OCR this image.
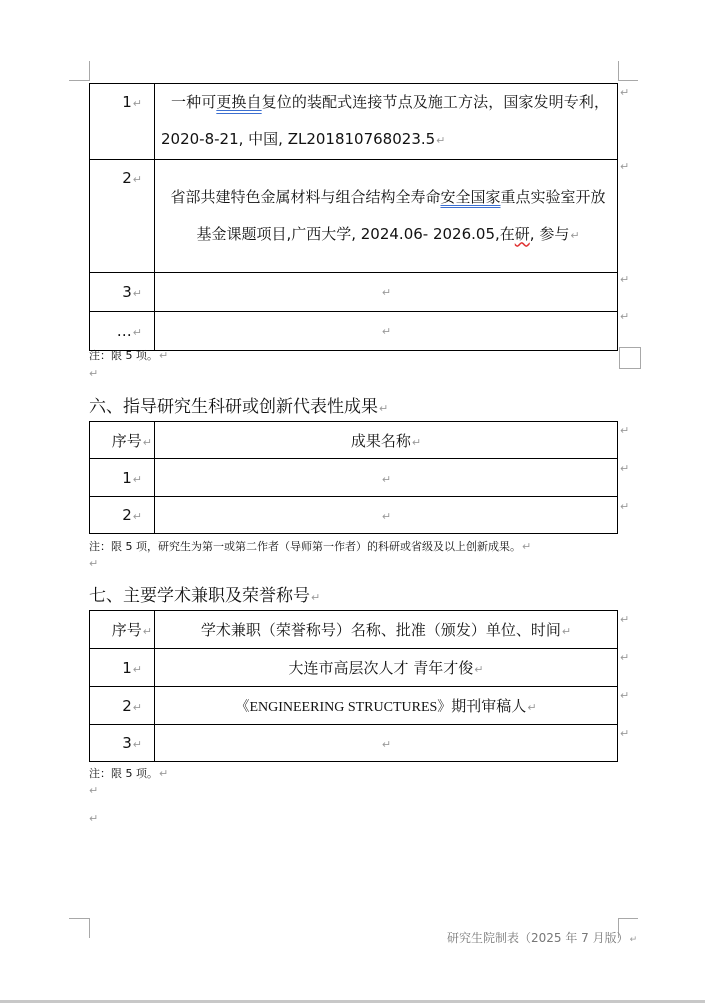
1↵	一种可更换自复位的装配式连接节点及施工方法，国家发明专利，2020-8-21, 中国, ZL201810768023.5↵
2↵	省部共建特色金属材料与组合结构全寿命安全国家重点实验室开放基金课题项目,广西大学, 2024.06- 2026.05,在研, 参与↵
3↵	↵
…↵	↵
↵
↵
↵
↵
注：限 5 项。↵
↵
六、指导研究生科研或创新代表性成果↵
序号↵	成果名称↵
1↵	↵
2↵	↵
↵
↵
↵
注：限 5 项，研究生为第一或第二作者（导师第一作者）的科研或省级及以上创新成果。↵
↵
七、主要学术兼职及荣誉称号↵
序号↵	学术兼职（荣誉称号）名称、批准（颁发）单位、时间↵
1↵	大连市高层次人才 青年才俊↵
2↵	《ENGINEERING STRUCTURES》期刊审稿人↵
3↵	↵
↵
↵
↵
↵
注：限 5 项。↵
↵
↵
研究生院制表（2025 年 7 月版）↵
